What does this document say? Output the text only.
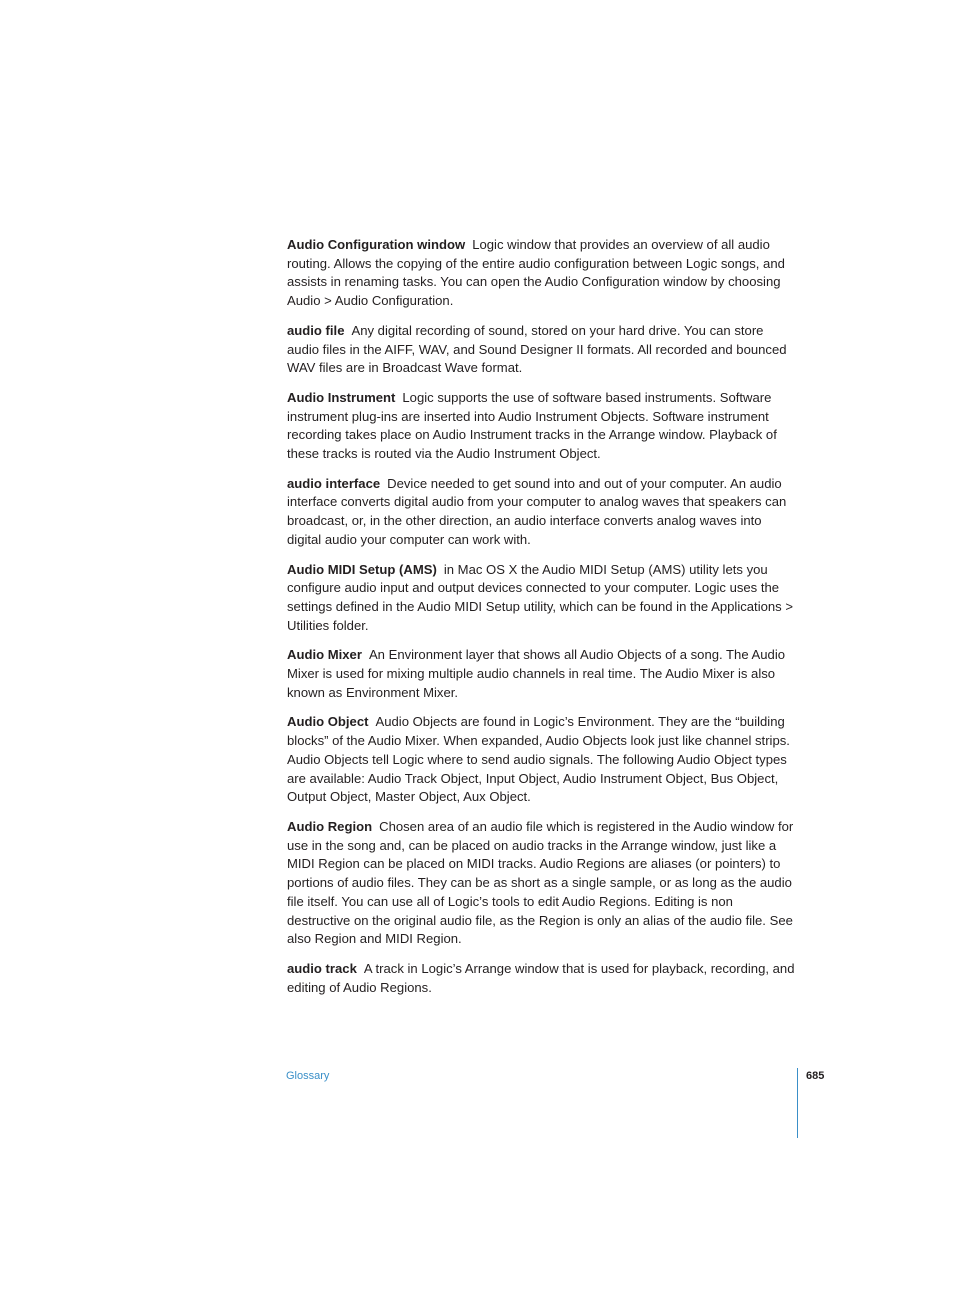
Audio Configuration window Logic window that provides an overview of all audio routing. Allows the copying of the entire audio configuration between Logic songs, and assists in renaming tasks. You can open the Audio Configuration window by choosing Audio > Audio Configuration.

audio file Any digital recording of sound, stored on your hard drive. You can store audio files in the AIFF, WAV, and Sound Designer II formats. All recorded and bounced WAV files are in Broadcast Wave format.

Audio Instrument Logic supports the use of software based instruments. Software instrument plug-ins are inserted into Audio Instrument Objects. Software instrument recording takes place on Audio Instrument tracks in the Arrange window. Playback of these tracks is routed via the Audio Instrument Object.

audio interface Device needed to get sound into and out of your computer. An audio interface converts digital audio from your computer to analog waves that speakers can broadcast, or, in the other direction, an audio interface converts analog waves into digital audio your computer can work with.

Audio MIDI Setup (AMS) in Mac OS X the Audio MIDI Setup (AMS) utility lets you configure audio input and output devices connected to your computer. Logic uses the settings defined in the Audio MIDI Setup utility, which can be found in the Applications > Utilities folder.

Audio Mixer An Environment layer that shows all Audio Objects of a song. The Audio Mixer is used for mixing multiple audio channels in real time. The Audio Mixer is also known as Environment Mixer.

Audio Object Audio Objects are found in Logic’s Environment. They are the “building blocks” of the Audio Mixer. When expanded, Audio Objects look just like channel strips. Audio Objects tell Logic where to send audio signals. The following Audio Object types are available: Audio Track Object, Input Object, Audio Instrument Object, Bus Object, Output Object, Master Object, Aux Object.

Audio Region Chosen area of an audio file which is registered in the Audio window for use in the song and, can be placed on audio tracks in the Arrange window, just like a MIDI Region can be placed on MIDI tracks. Audio Regions are aliases (or pointers) to portions of audio files. They can be as short as a single sample, or as long as the audio file itself. You can use all of Logic’s tools to edit Audio Regions. Editing is non destructive on the original audio file, as the Region is only an alias of the audio file. See also Region and MIDI Region.

audio track A track in Logic’s Arrange window that is used for playback, recording, and editing of Audio Regions.

Glossary	685
